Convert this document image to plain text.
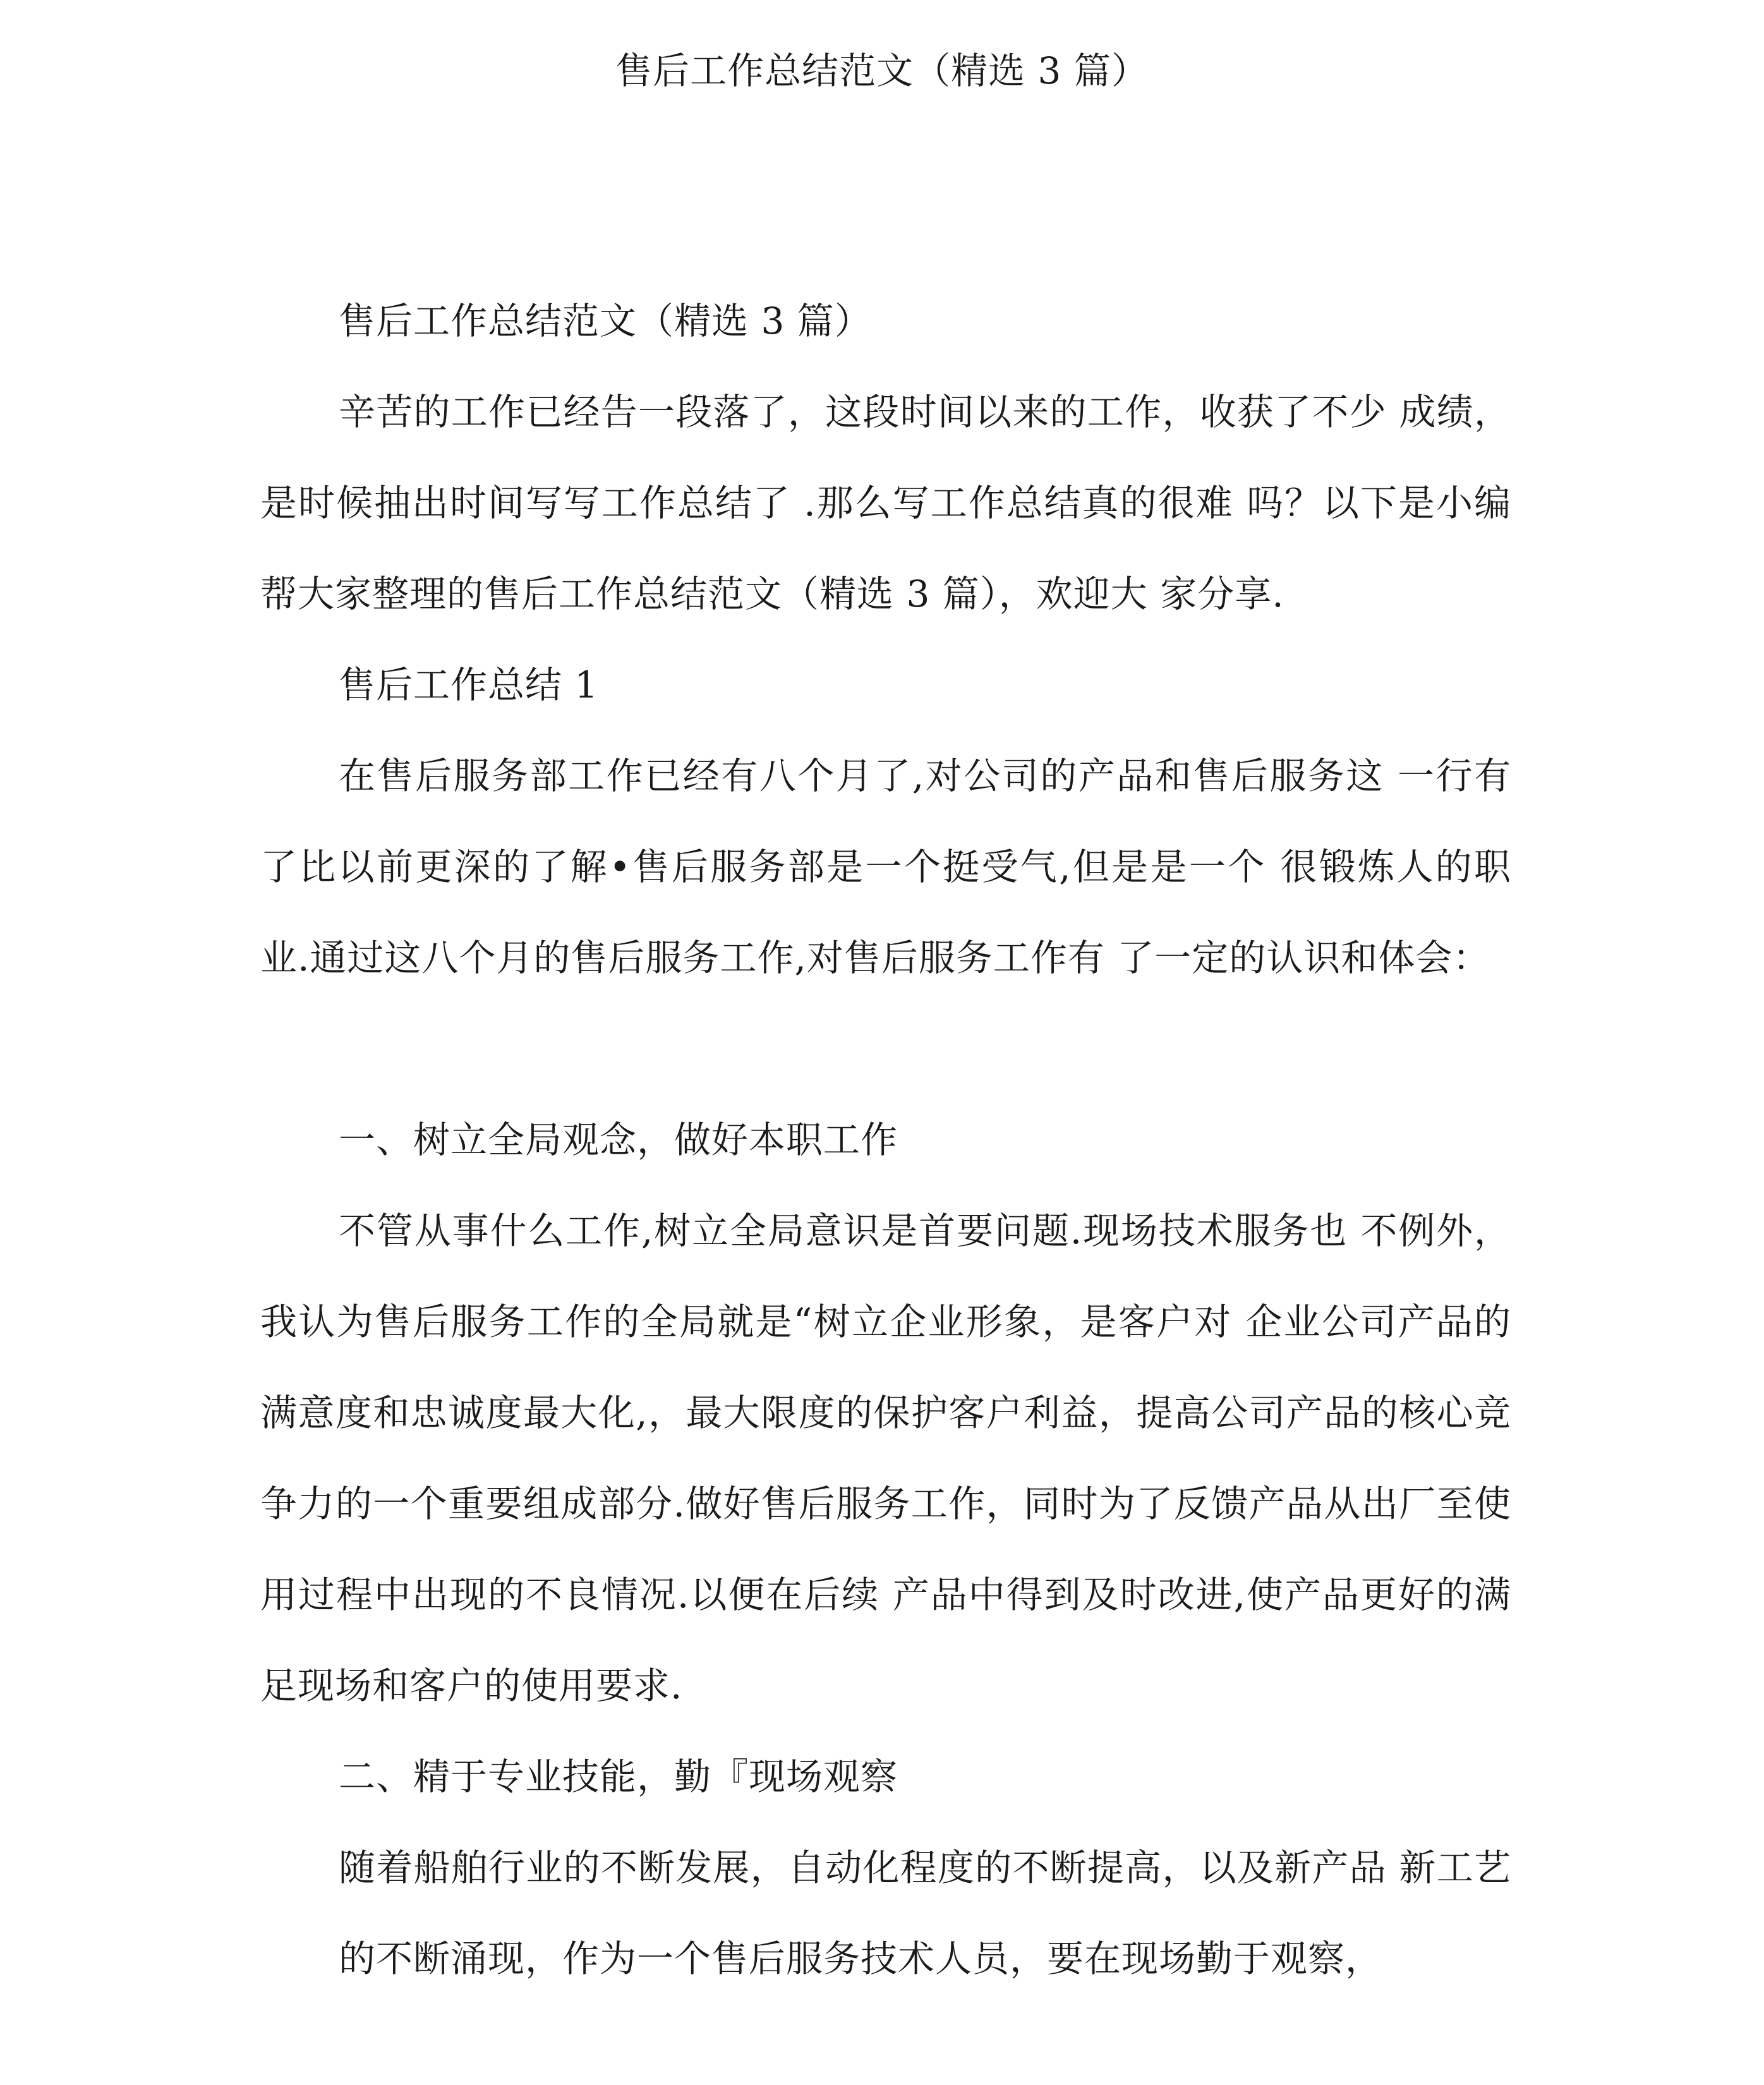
售后工作总结范文（精选 3 篇）

售后工作总结范文（精选 3 篇）

辛苦的工作已经告一段落了，这段时间以来的工作，收获了不少 成绩，是时候抽出时间写写工作总结了 .那么写工作总结真的很难 吗？以下是小编帮大家整理的售后工作总结范文（精选 3 篇），欢迎大 家分享.

售后工作总结 1

在售后服务部工作已经有八个月了,对公司的产品和售后服务这 一行有了比以前更深的了解•售后服务部是一个挺受气,但是是一个 很锻炼人的职业.通过这八个月的售后服务工作,对售后服务工作有 了一定的认识和体会：

一、树立全局观念，做好本职工作

不管从事什么工作,树立全局意识是首要问题.现场技术服务也 不例外，我认为售后服务工作的全局就是“树立企业形象，是客户对 企业公司产品的满意度和忠诚度最大化,，最大限度的保护客户利益，提高公司产品的核心竞争力的一个重要组成部分.做好售后服务工作，同时为了反馈产品从出厂至使用过程中出现的不良情况.以便在后续 产品中得到及时改进,使产品更好的满足现场和客户的使用要求.

二、精于专业技能，勤『现场观察

随着船舶行业的不断发展，自动化程度的不断提高，以及新产品 新工艺的不断涌现，作为一个售后服务技术人员，要在现场勤于观察，
